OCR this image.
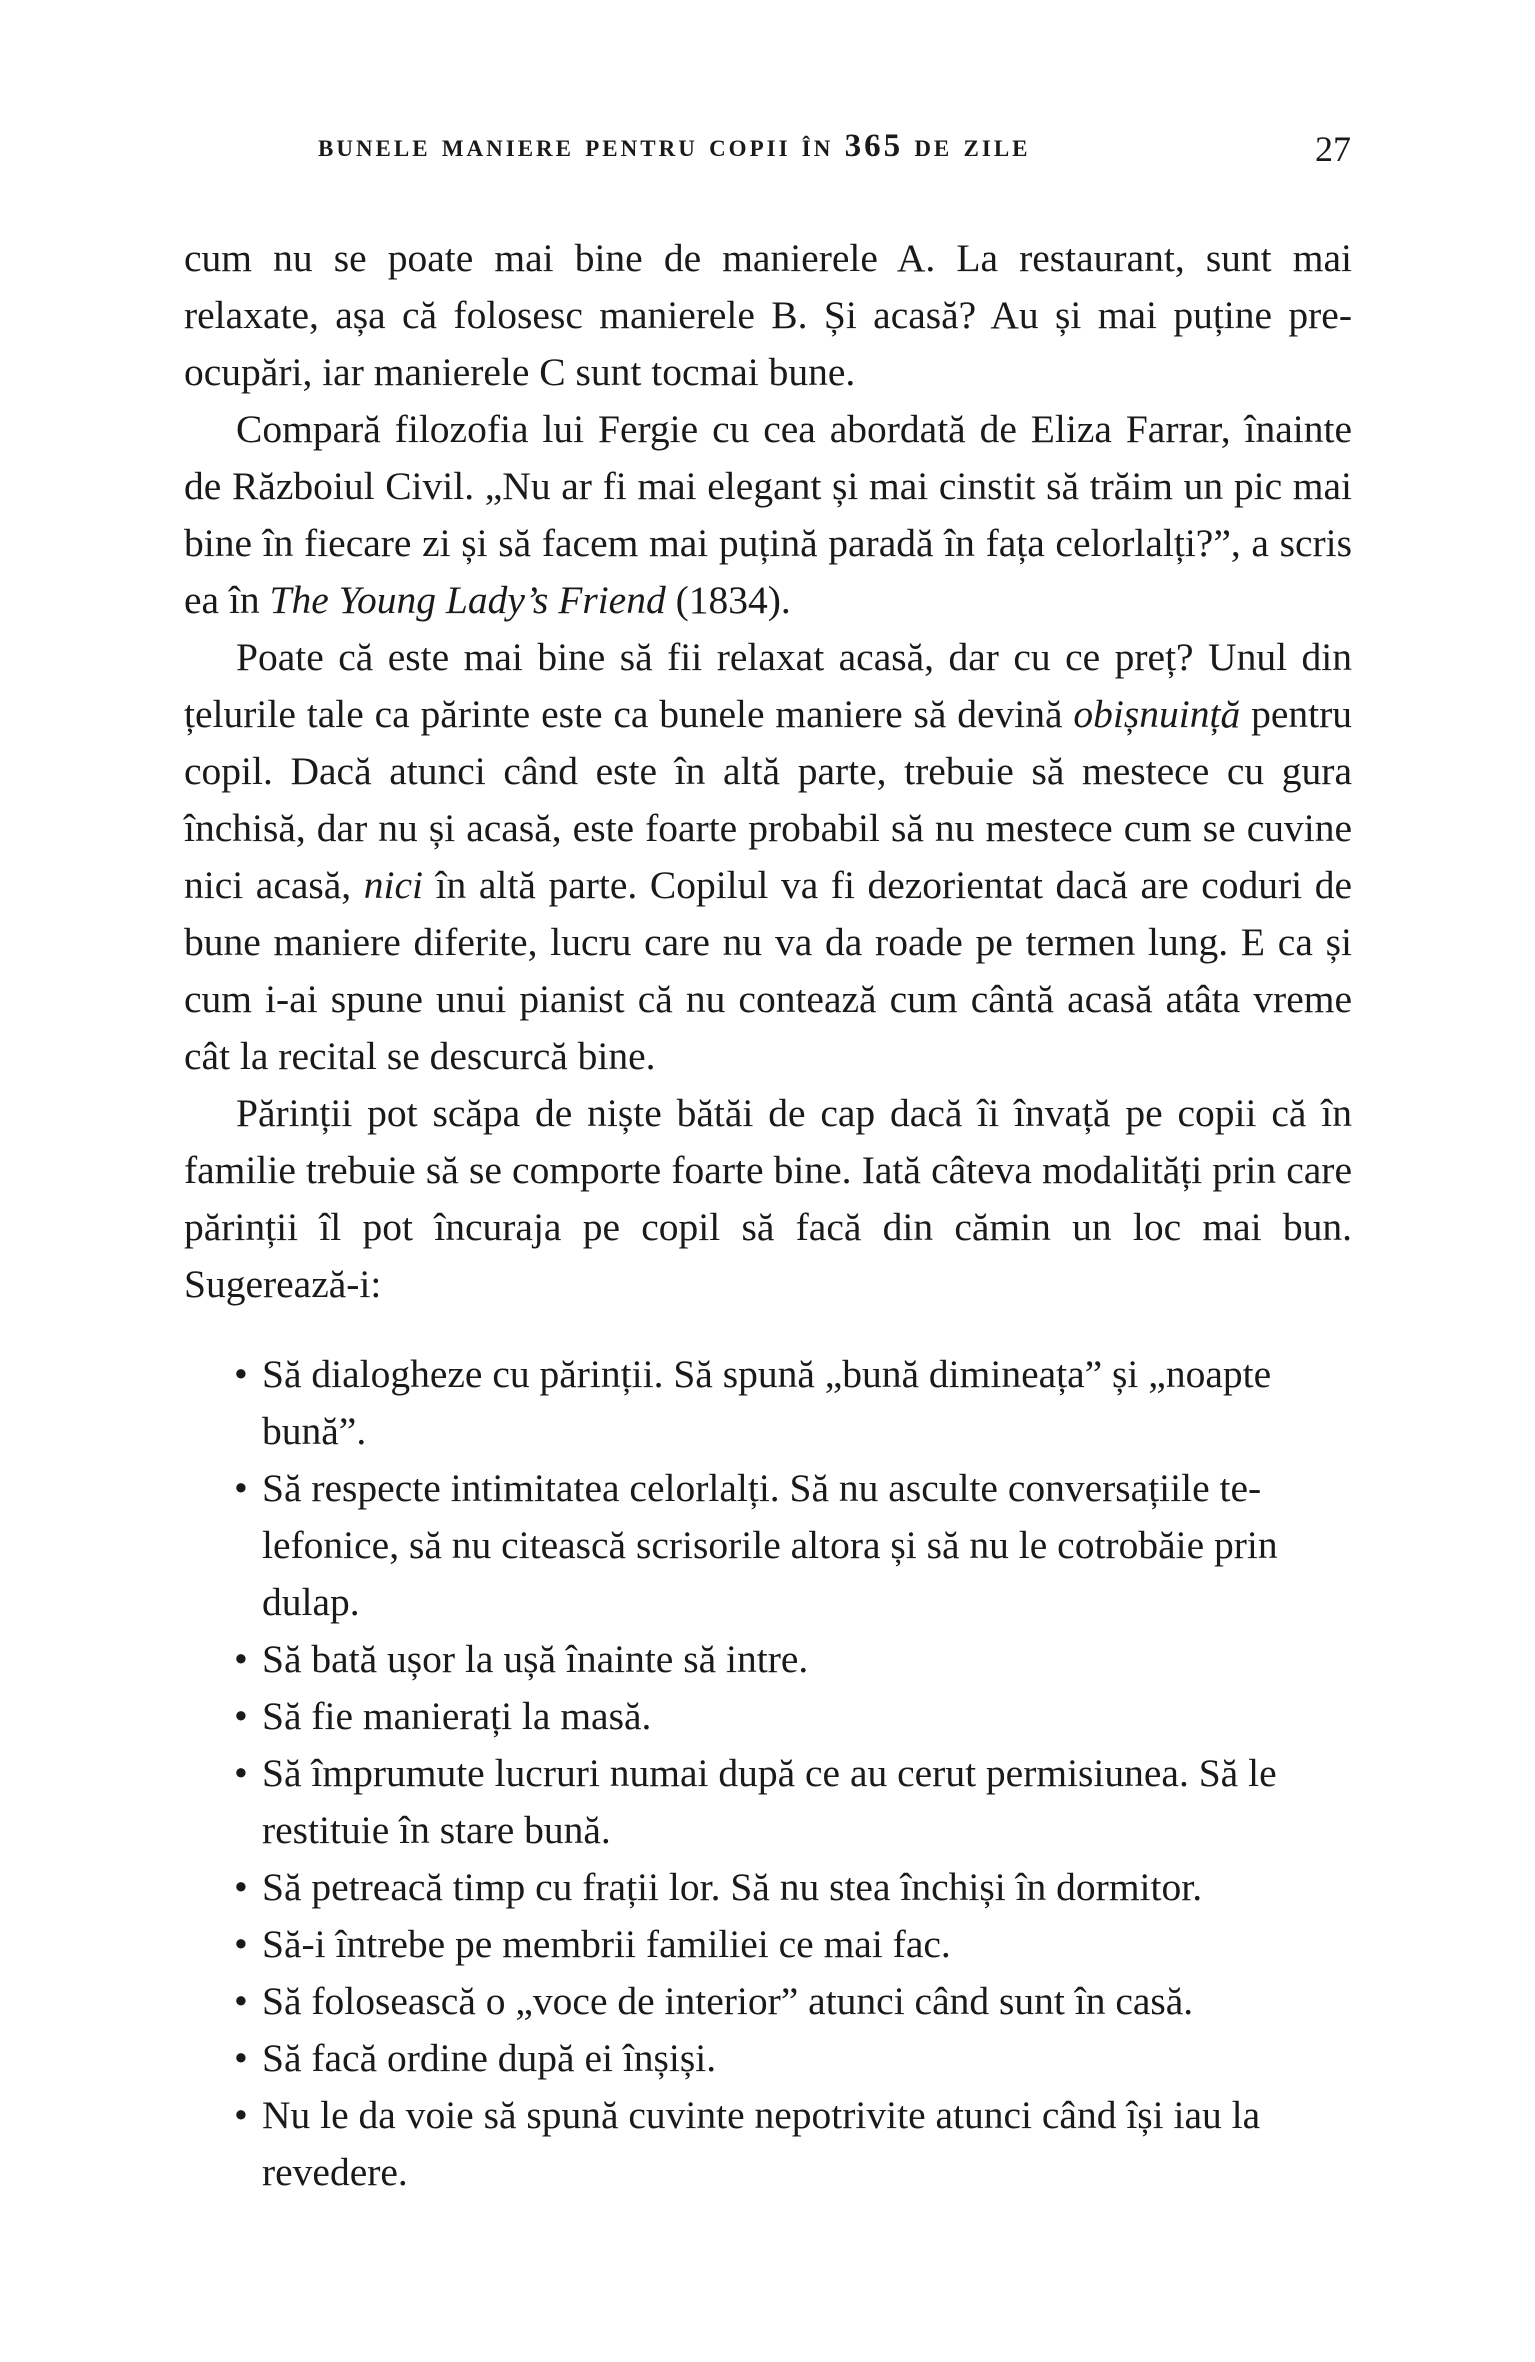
bunele maniere pentru copii în 365 de zile	27

cum nu se poate mai bine de manierele A. La restaurant, sunt mai relaxate, așa că folosesc manierele B. Și acasă? Au și mai puține preocupări, iar manierele C sunt tocmai bune.

Compară filozofia lui Fergie cu cea abordată de Eliza Farrar, înainte de Războiul Civil. „Nu ar fi mai elegant și mai cinstit să trăim un pic mai bine în fiecare zi și să facem mai puțină paradă în fața celorlalți?”, a scris ea în The Young Lady’s Friend (1834).

Poate că este mai bine să fii relaxat acasă, dar cu ce preț? Unul din țelurile tale ca părinte este ca bunele maniere să devină obișnuință pentru copil. Dacă atunci când este în altă parte, trebuie să mestece cu gura închisă, dar nu și acasă, este foarte probabil să nu mestece cum se cuvine nici acasă, nici în altă parte. Copilul va fi dezorientat dacă are coduri de bune maniere diferite, lucru care nu va da roade pe termen lung. E ca și cum i-ai spune unui pianist că nu contează cum cântă acasă atâta vreme cât la recital se descurcă bine.

Părinții pot scăpa de niște bătăi de cap dacă îi învață pe copii că în familie trebuie să se comporte foarte bine. Iată câteva modalități prin care părinții îl pot încuraja pe copil să facă din cămin un loc mai bun. Sugerează-i:

• Să dialogheze cu părinții. Să spună „bună dimineața” și „noapte bună”.
• Să respecte intimitatea celorlalți. Să nu asculte conversațiile telefonice, să nu citească scrisorile altora și să nu le cotrobăie prin dulap.
• Să bată ușor la ușă înainte să intre.
• Să fie manierați la masă.
• Să împrumute lucruri numai după ce au cerut permisiunea. Să le restituie în stare bună.
• Să petreacă timp cu frații lor. Să nu stea închiși în dormitor.
• Să-i întrebe pe membrii familiei ce mai fac.
• Să folosească o „voce de interior” atunci când sunt în casă.
• Să facă ordine după ei înșiși.
• Nu le da voie să spună cuvinte nepotrivite atunci când își iau la revedere.
